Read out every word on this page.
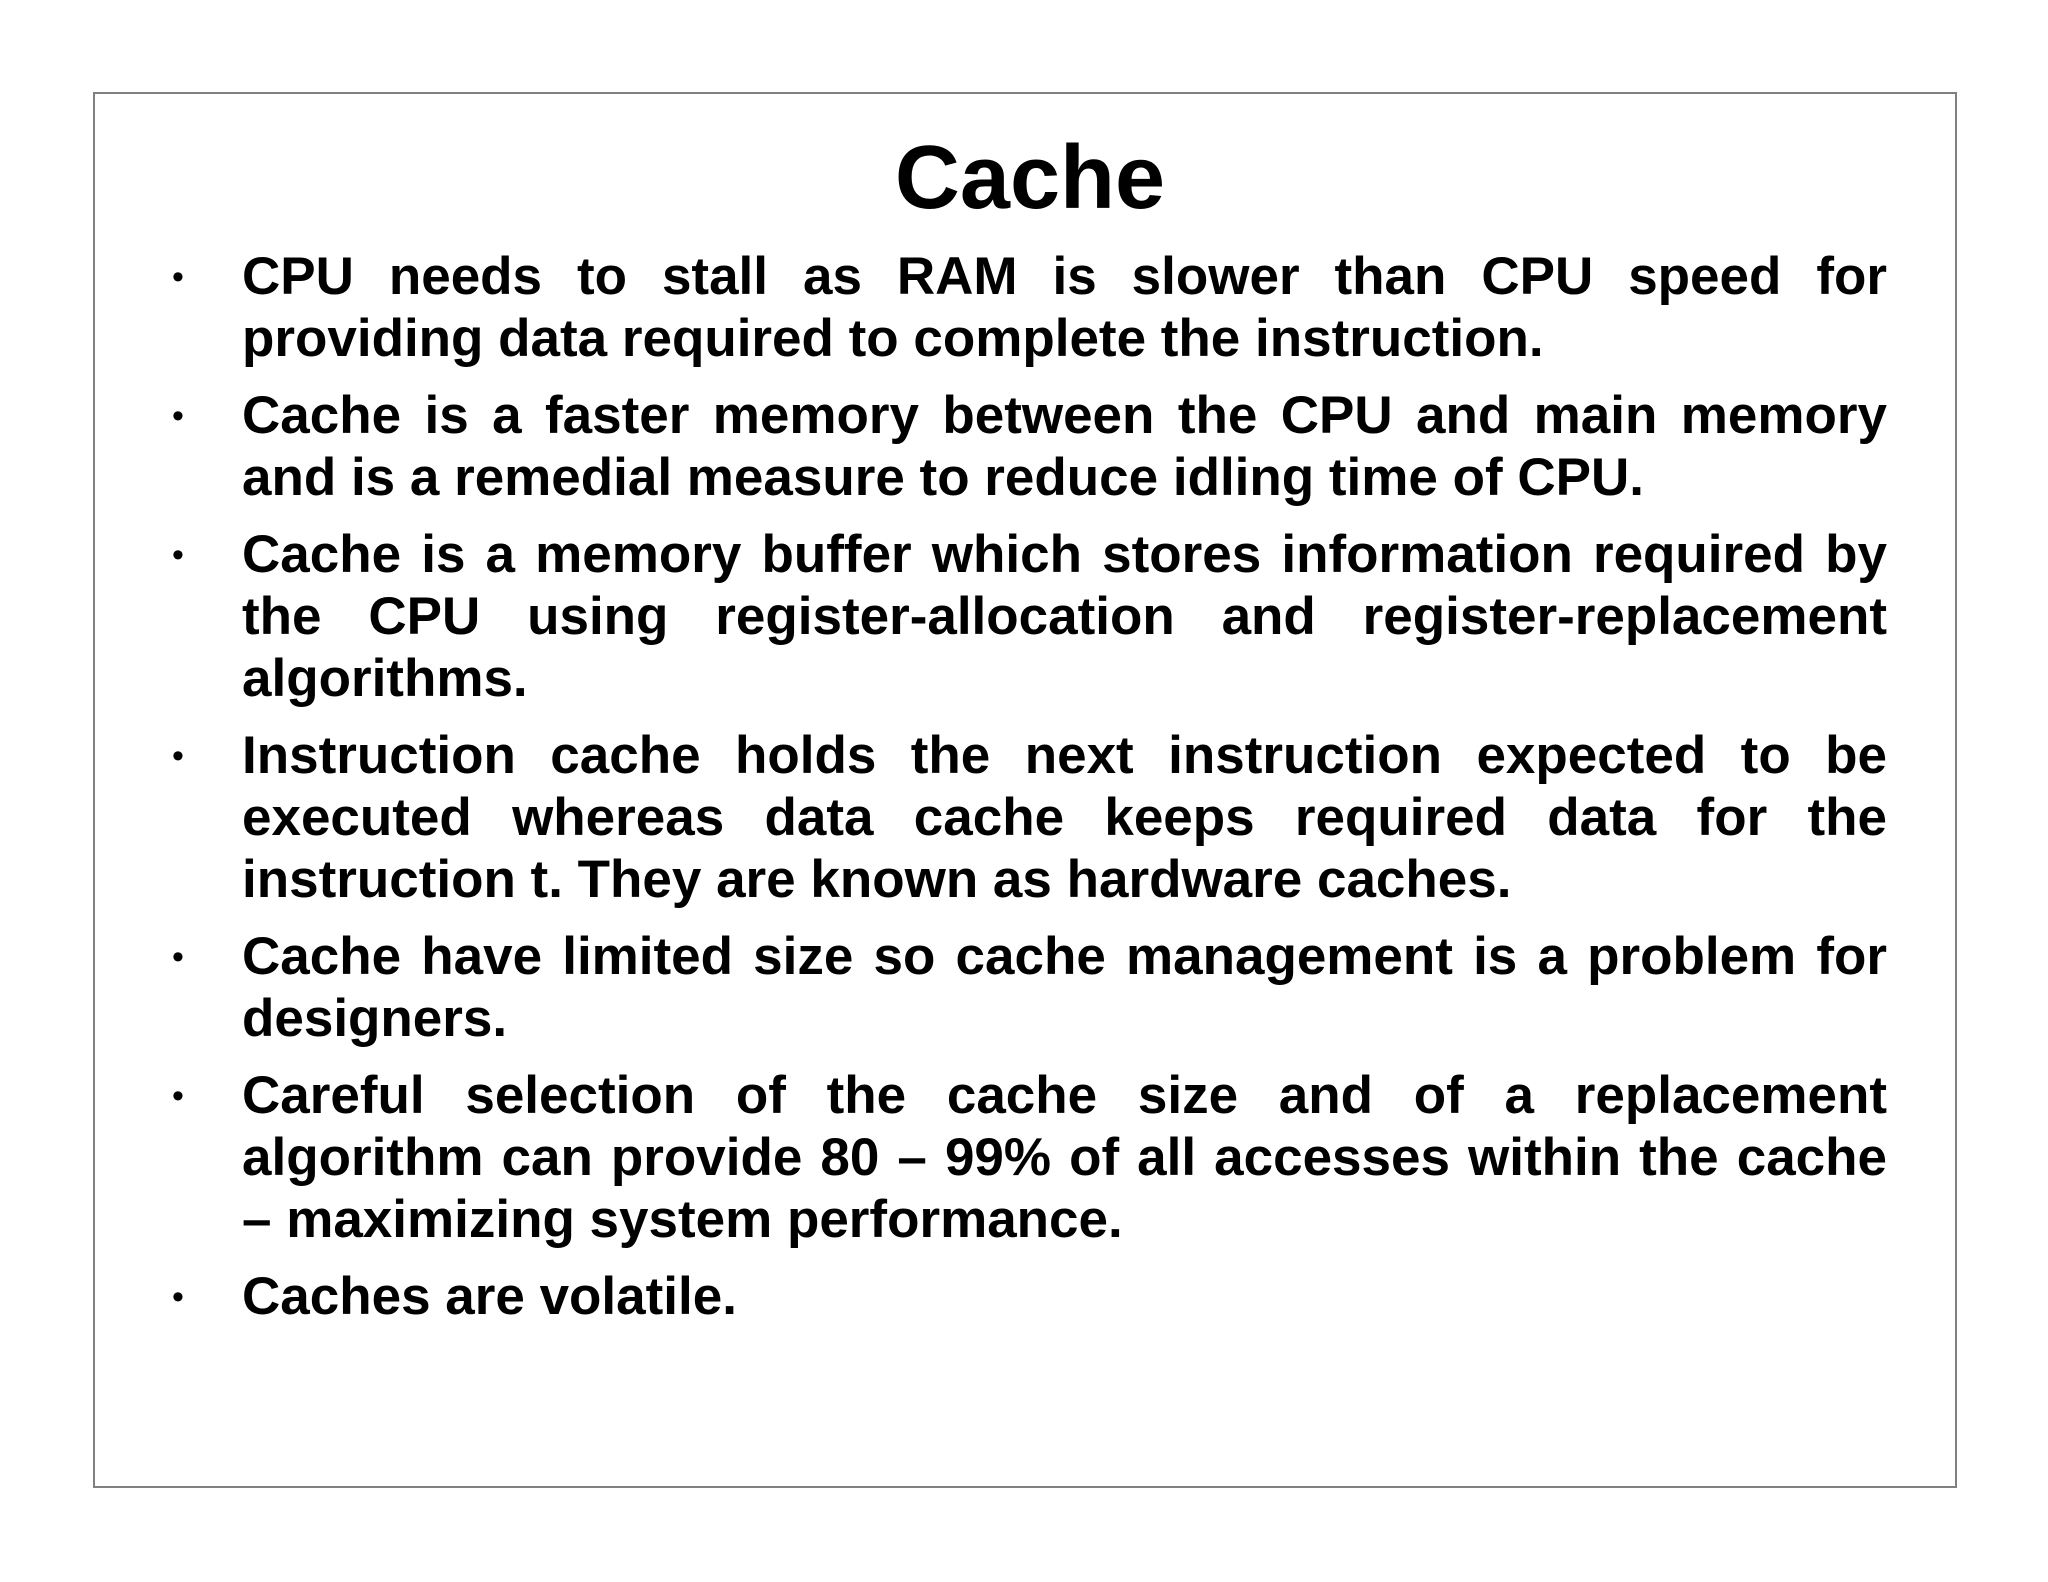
Cache
•	CPU needs to stall as RAM is slower than CPU speed for providing data required to complete the instruction.
•	Cache is a faster memory between the CPU and main memory and is a remedial measure to reduce idling time of CPU.
•	Cache is a memory buffer which stores information required by the CPU using register-allocation and register-replacement algorithms.
•	Instruction cache holds the next instruction expected to be executed whereas data cache keeps required data for the instruction t. They are known as hardware caches.
•	Cache have limited size so cache management is a problem for designers.
•	Careful selection of the cache size and of a replacement algorithm can provide 80 – 99% of all accesses within the cache – maximizing system performance.
•	Caches are volatile.
